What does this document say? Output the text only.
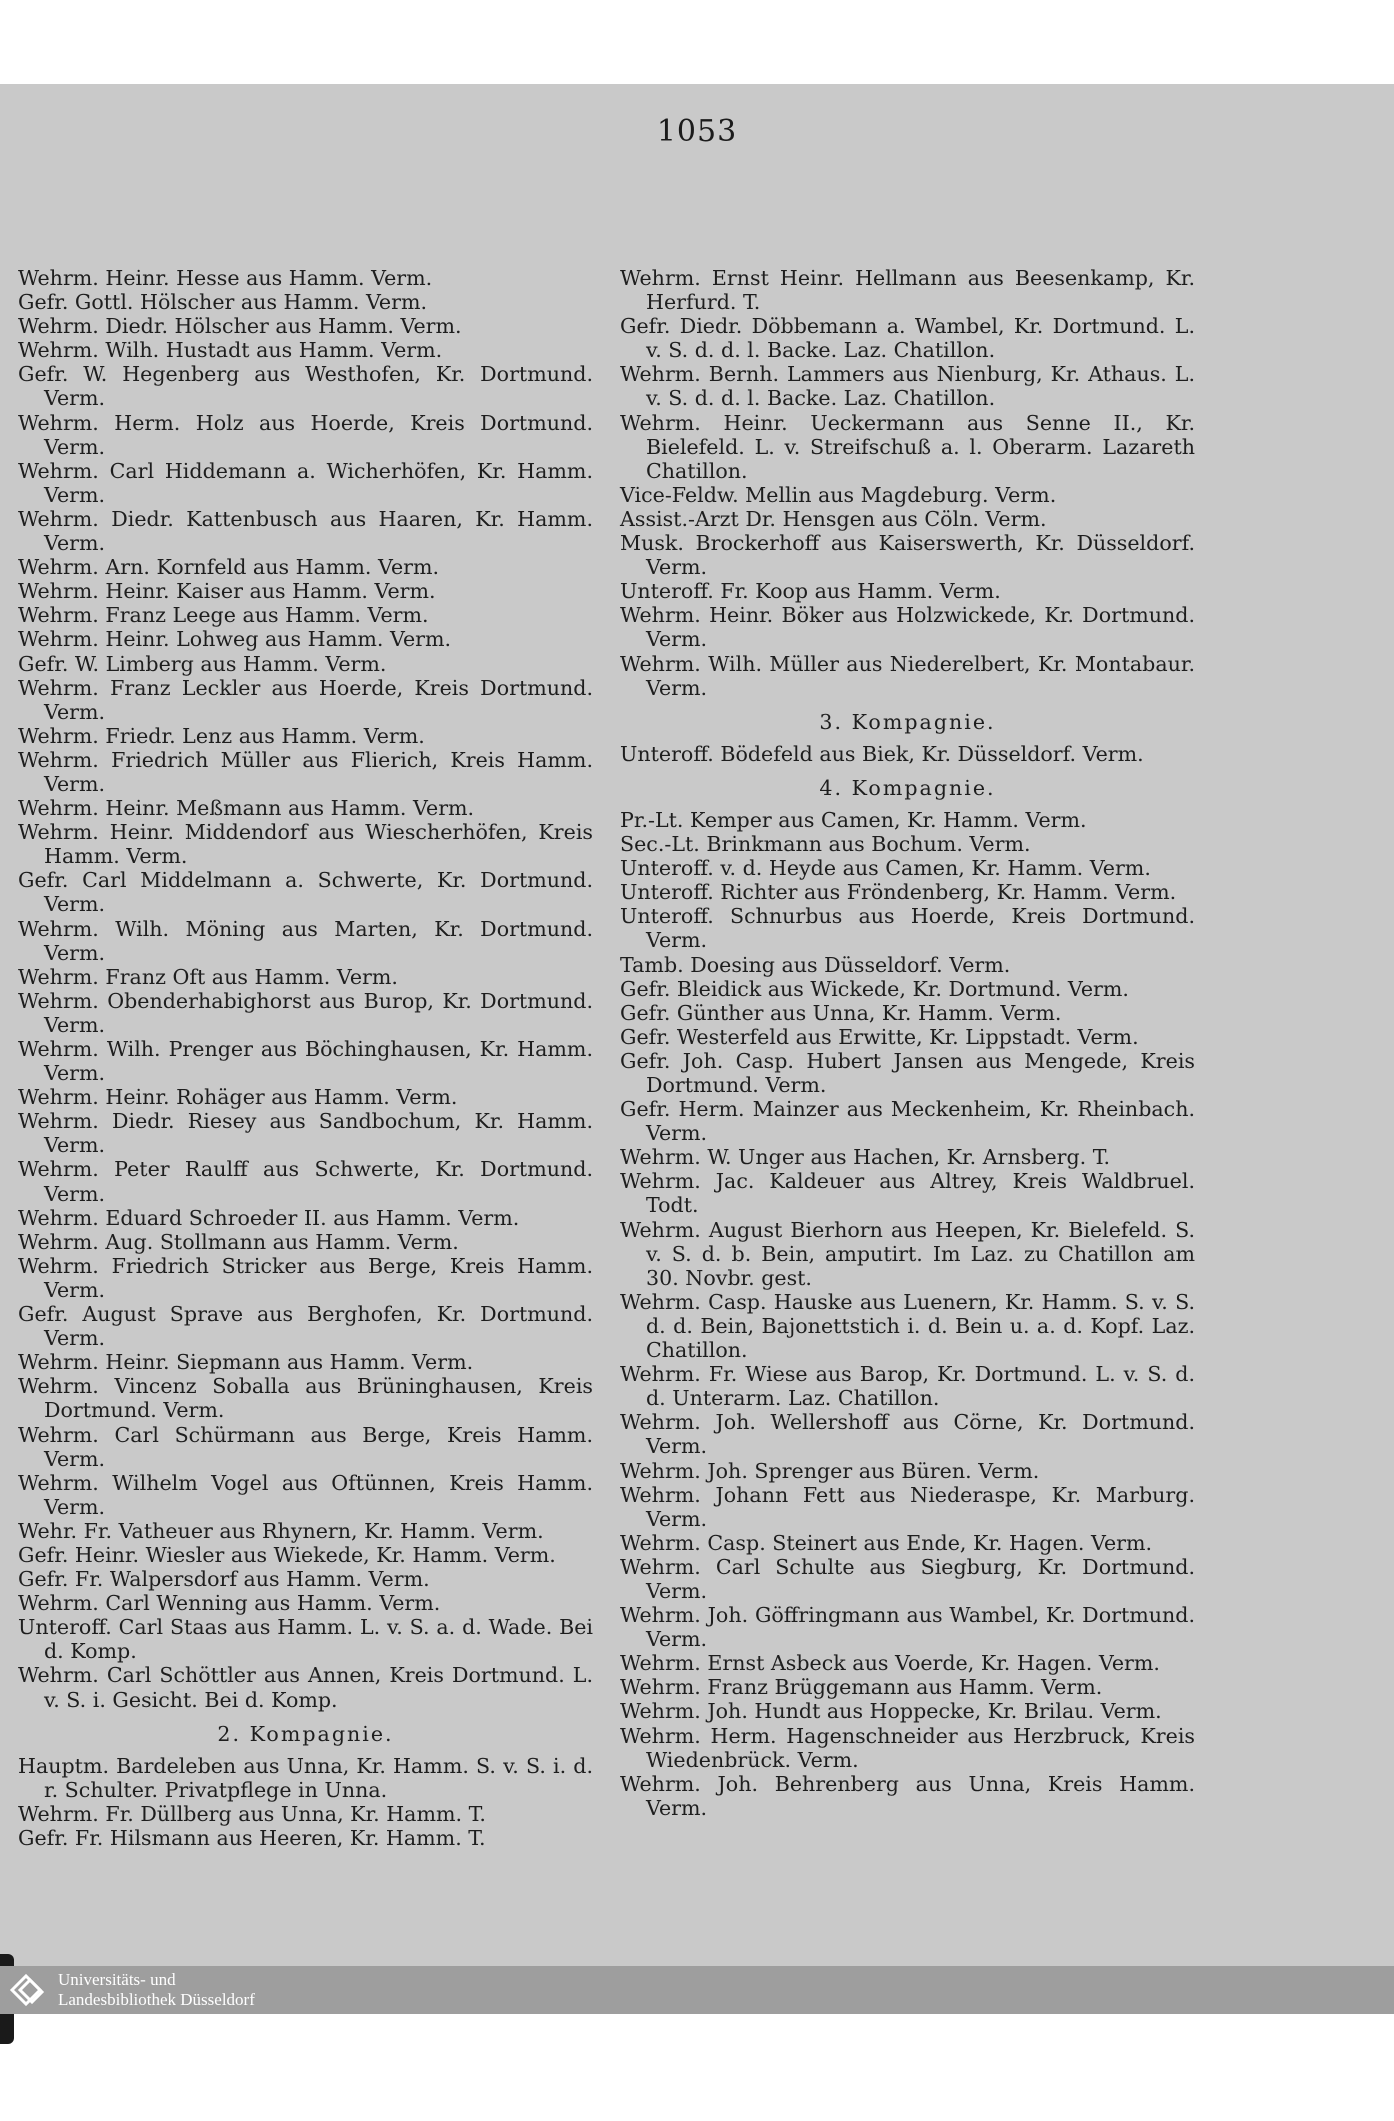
1053

Wehrm. Heinr. Hesse aus Hamm. Verm.

Gefr. Gottl. Hölscher aus Hamm. Verm.

Wehrm. Diedr. Hölscher aus Hamm. Verm.

Wehrm. Wilh. Hustadt aus Hamm. Verm.

Gefr. W. Hegenberg aus Westhofen, Kr. Dortmund. Verm.

Wehrm. Herm. Holz aus Hoerde, Kreis Dortmund. Verm.

Wehrm. Carl Hiddemann a. Wicherhöfen, Kr. Hamm. Verm.

Wehrm. Diedr. Kattenbusch aus Haaren, Kr. Hamm. Verm.

Wehrm. Arn. Kornfeld aus Hamm. Verm.

Wehrm. Heinr. Kaiser aus Hamm. Verm.

Wehrm. Franz Leege aus Hamm. Verm.

Wehrm. Heinr. Lohweg aus Hamm. Verm.

Gefr. W. Limberg aus Hamm. Verm.

Wehrm. Franz Leckler aus Hoerde, Kreis Dortmund. Verm.

Wehrm. Friedr. Lenz aus Hamm. Verm.

Wehrm. Friedrich Müller aus Flierich, Kreis Hamm. Verm.

Wehrm. Heinr. Meßmann aus Hamm. Verm.

Wehrm. Heinr. Middendorf aus Wiescherhöfen, Kreis Hamm. Verm.

Gefr. Carl Middelmann a. Schwerte, Kr. Dortmund. Verm.

Wehrm. Wilh. Möning aus Marten, Kr. Dortmund. Verm.

Wehrm. Franz Oft aus Hamm. Verm.

Wehrm. Obenderhabighorst aus Burop, Kr. Dortmund. Verm.

Wehrm. Wilh. Prenger aus Böchinghausen, Kr. Hamm. Verm.

Wehrm. Heinr. Rohäger aus Hamm. Verm.

Wehrm. Diedr. Riesey aus Sandbochum, Kr. Hamm. Verm.

Wehrm. Peter Raulff aus Schwerte, Kr. Dortmund. Verm.

Wehrm. Eduard Schroeder II. aus Hamm. Verm.

Wehrm. Aug. Stollmann aus Hamm. Verm.

Wehrm. Friedrich Stricker aus Berge, Kreis Hamm. Verm.

Gefr. August Sprave aus Berghofen, Kr. Dortmund. Verm.

Wehrm. Heinr. Siepmann aus Hamm. Verm.

Wehrm. Vincenz Soballa aus Brüninghausen, Kreis Dortmund. Verm.

Wehrm. Carl Schürmann aus Berge, Kreis Hamm. Verm.

Wehrm. Wilhelm Vogel aus Oftünnen, Kreis Hamm. Verm.

Wehr. Fr. Vatheuer aus Rhynern, Kr. Hamm. Verm.

Gefr. Heinr. Wiesler aus Wiekede, Kr. Hamm. Verm.

Gefr. Fr. Walpersdorf aus Hamm. Verm.

Wehrm. Carl Wenning aus Hamm. Verm.

Unteroff. Carl Staas aus Hamm. L. v. S. a. d. Wade. Bei d. Komp.

Wehrm. Carl Schöttler aus Annen, Kreis Dortmund. L. v. S. i. Gesicht. Bei d. Komp.

2. Kompagnie.

Hauptm. Bardeleben aus Unna, Kr. Hamm. S. v. S. i. d. r. Schulter. Privatpflege in Unna.

Wehrm. Fr. Düllberg aus Unna, Kr. Hamm. T.

Gefr. Fr. Hilsmann aus Heeren, Kr. Hamm. T.

Wehrm. Ernst Heinr. Hellmann aus Beesenkamp, Kr. Herfurd. T.

Gefr. Diedr. Döbbemann a. Wambel, Kr. Dortmund. L. v. S. d. d. l. Backe. Laz. Chatillon.

Wehrm. Bernh. Lammers aus Nienburg, Kr. Athaus. L. v. S. d. d. l. Backe. Laz. Chatillon.

Wehrm. Heinr. Ueckermann aus Senne II., Kr. Bielefeld. L. v. Streifschuß a. l. Oberarm. Lazareth Chatillon.

Vice-Feldw. Mellin aus Magdeburg. Verm.

Assist.-Arzt Dr. Hensgen aus Cöln. Verm.

Musk. Brockerhoff aus Kaiserswerth, Kr. Düsseldorf. Verm.

Unteroff. Fr. Koop aus Hamm. Verm.

Wehrm. Heinr. Böker aus Holzwickede, Kr. Dortmund. Verm.

Wehrm. Wilh. Müller aus Niederelbert, Kr. Montabaur. Verm.

3. Kompagnie.

Unteroff. Bödefeld aus Biek, Kr. Düsseldorf. Verm.

4. Kompagnie.

Pr.-Lt. Kemper aus Camen, Kr. Hamm. Verm.

Sec.-Lt. Brinkmann aus Bochum. Verm.

Unteroff. v. d. Heyde aus Camen, Kr. Hamm. Verm.

Unteroff. Richter aus Fröndenberg, Kr. Hamm. Verm.

Unteroff. Schnurbus aus Hoerde, Kreis Dortmund. Verm.

Tamb. Doesing aus Düsseldorf. Verm.

Gefr. Bleidick aus Wickede, Kr. Dortmund. Verm.

Gefr. Günther aus Unna, Kr. Hamm. Verm.

Gefr. Westerfeld aus Erwitte, Kr. Lippstadt. Verm.

Gefr. Joh. Casp. Hubert Jansen aus Mengede, Kreis Dortmund. Verm.

Gefr. Herm. Mainzer aus Meckenheim, Kr. Rheinbach. Verm.

Wehrm. W. Unger aus Hachen, Kr. Arnsberg. T.

Wehrm. Jac. Kaldeuer aus Altrey, Kreis Waldbruel. Todt.

Wehrm. August Bierhorn aus Heepen, Kr. Bielefeld. S. v. S. d. b. Bein, amputirt. Im Laz. zu Chatillon am 30. Novbr. gest.

Wehrm. Casp. Hauske aus Luenern, Kr. Hamm. S. v. S. d. d. Bein, Bajonettstich i. d. Bein u. a. d. Kopf. Laz. Chatillon.

Wehrm. Fr. Wiese aus Barop, Kr. Dortmund. L. v. S. d. d. Unterarm. Laz. Chatillon.

Wehrm. Joh. Wellershoff aus Cörne, Kr. Dortmund. Verm.

Wehrm. Joh. Sprenger aus Büren. Verm.

Wehrm. Johann Fett aus Niederaspe, Kr. Marburg. Verm.

Wehrm. Casp. Steinert aus Ende, Kr. Hagen. Verm.

Wehrm. Carl Schulte aus Siegburg, Kr. Dortmund. Verm.

Wehrm. Joh. Göffringmann aus Wambel, Kr. Dortmund. Verm.

Wehrm. Ernst Asbeck aus Voerde, Kr. Hagen. Verm.

Wehrm. Franz Brüggemann aus Hamm. Verm.

Wehrm. Joh. Hundt aus Hoppecke, Kr. Brilau. Verm.

Wehrm. Herm. Hagenschneider aus Herzbruck, Kreis Wiedenbrück. Verm.

Wehrm. Joh. Behrenberg aus Unna, Kreis Hamm. Verm.

Universitäts- und
Landesbibliothek Düsseldorf
